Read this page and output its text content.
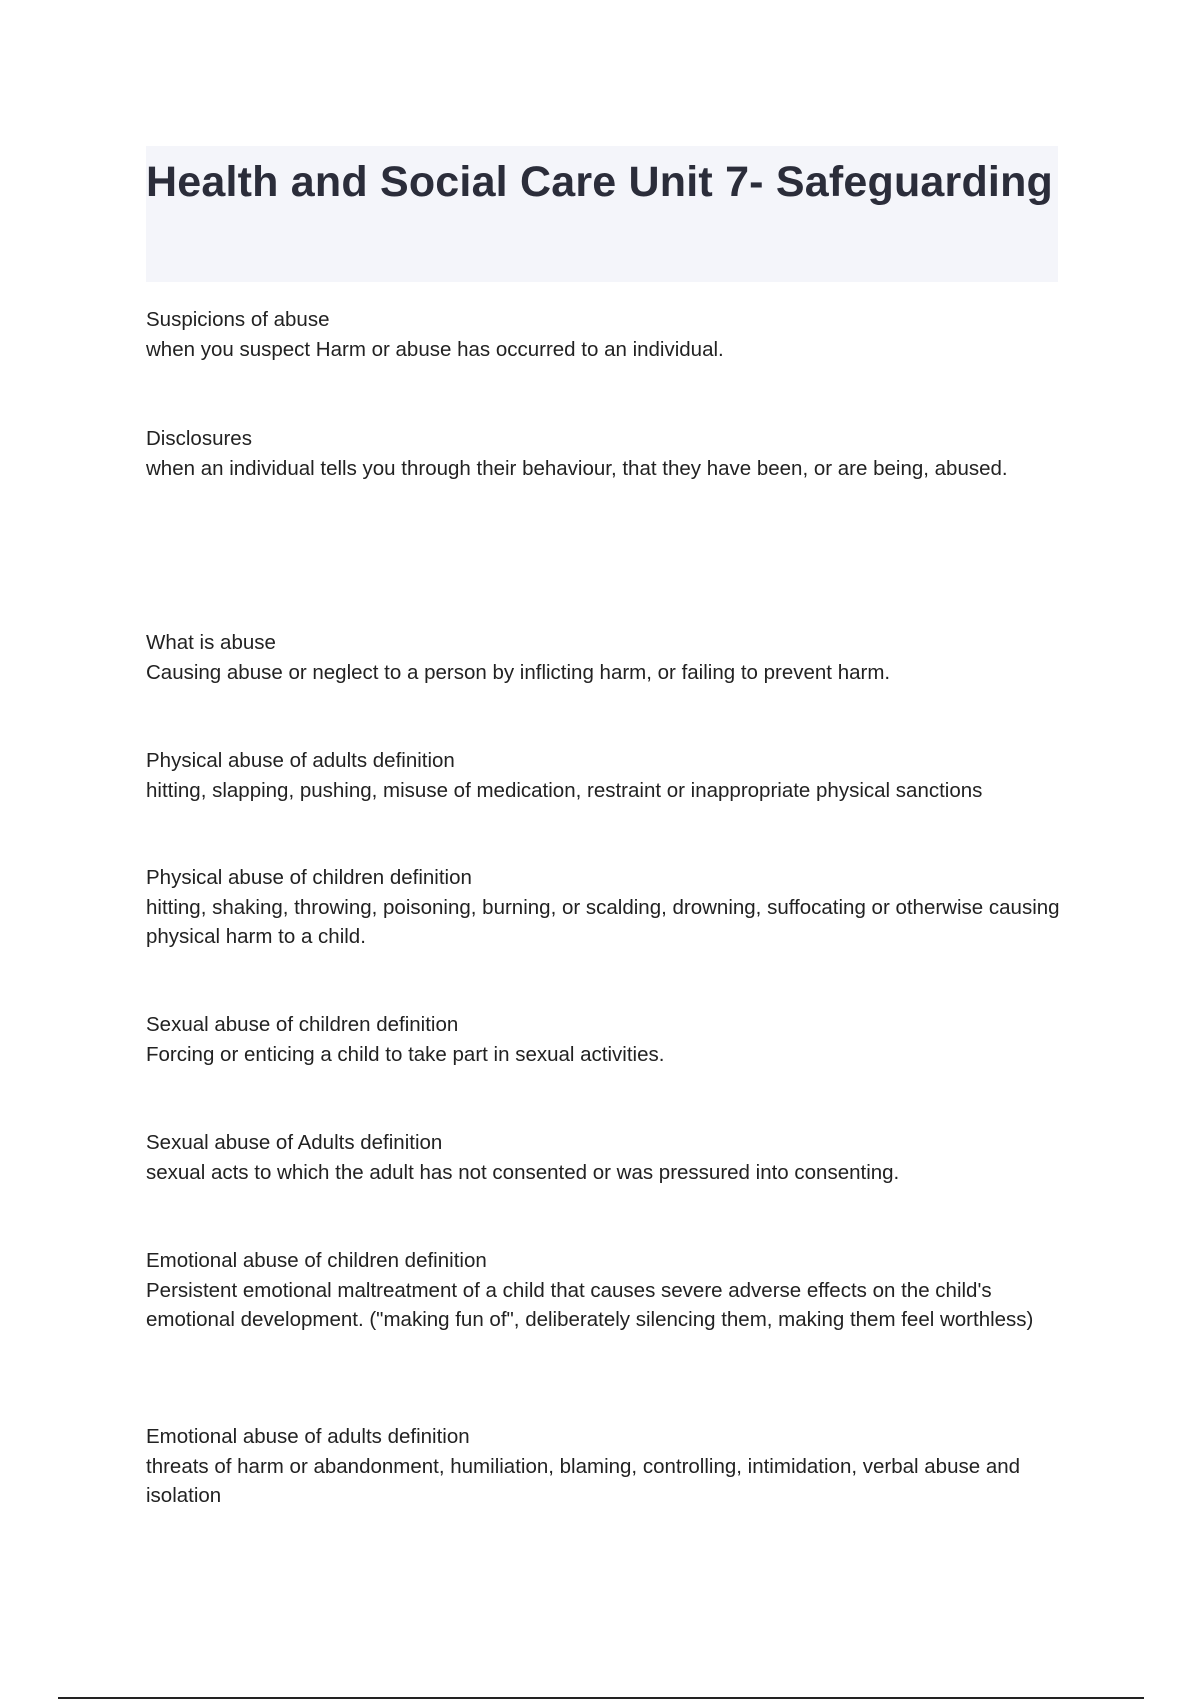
Health and Social Care Unit 7- Safeguarding
Suspicions of abuse
when you suspect Harm or abuse has occurred to an individual.
Disclosures
when an individual tells you through their behaviour, that they have been, or are being, abused.
What is abuse
Causing abuse or neglect to a person by inflicting harm, or failing to prevent harm.
Physical abuse of adults definition
hitting, slapping, pushing, misuse of medication, restraint or inappropriate physical sanctions
Physical abuse of children definition
hitting, shaking, throwing, poisoning, burning, or scalding, drowning, suffocating or otherwise causing physical harm to a child.
Sexual abuse of children definition
Forcing or enticing a child to take part in sexual activities.
Sexual abuse of Adults definition
sexual acts to which the adult has not consented or was pressured into consenting.
Emotional abuse of children definition
Persistent emotional maltreatment of a child that causes severe adverse effects on the child's emotional development. ("making fun of", deliberately silencing them, making them feel worthless)
Emotional abuse of adults definition
threats of harm or abandonment, humiliation, blaming, controlling, intimidation, verbal abuse and isolation
